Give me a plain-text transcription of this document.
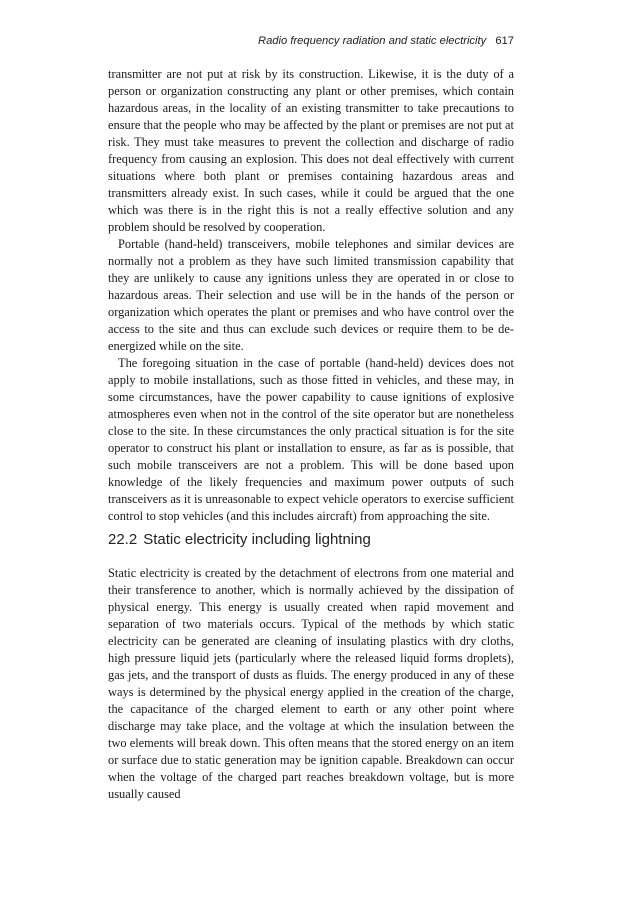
Radio frequency radiation and static electricity 617

transmitter are not put at risk by its construction. Likewise, it is the duty of a person or organization constructing any plant or other premises, which contain hazardous areas, in the locality of an existing transmitter to take precautions to ensure that the people who may be affected by the plant or premises are not put at risk. They must take measures to prevent the collection and discharge of radio frequency from causing an explosion. This does not deal effectively with current situations where both plant or premises containing hazardous areas and transmitters already exist. In such cases, while it could be argued that the one which was there is in the right this is not a really effective solution and any problem should be resolved by cooperation.

Portable (hand-held) transceivers, mobile telephones and similar devices are normally not a problem as they have such limited transmission capability that they are unlikely to cause any ignitions unless they are operated in or close to hazardous areas. Their selection and use will be in the hands of the person or organization which operates the plant or premises and who have control over the access to the site and thus can exclude such devices or require them to be de-energized while on the site.

The foregoing situation in the case of portable (hand-held) devices does not apply to mobile installations, such as those fitted in vehicles, and these may, in some circumstances, have the power capability to cause ignitions of explosive atmospheres even when not in the control of the site operator but are nonetheless close to the site. In these circumstances the only practical situation is for the site operator to construct his plant or installation to ensure, as far as is possible, that such mobile transceivers are not a problem. This will be done based upon knowledge of the likely frequencies and maximum power outputs of such transceivers as it is unreasonable to expect vehicle operators to exercise sufficient control to stop vehicles (and this includes aircraft) from approaching the site.

22.2 Static electricity including lightning

Static electricity is created by the detachment of electrons from one material and their transference to another, which is normally achieved by the dissipation of physical energy. This energy is usually created when rapid movement and separation of two materials occurs. Typical of the methods by which static electricity can be generated are cleaning of insulating plastics with dry cloths, high pressure liquid jets (particularly where the released liquid forms droplets), gas jets, and the transport of dusts as fluids. The energy produced in any of these ways is determined by the physical energy applied in the creation of the charge, the capacitance of the charged element to earth or any other point where discharge may take place, and the voltage at which the insulation between the two elements will break down. This often means that the stored energy on an item or surface due to static generation may be ignition capable. Breakdown can occur when the voltage of the charged part reaches breakdown voltage, but is more usually caused
